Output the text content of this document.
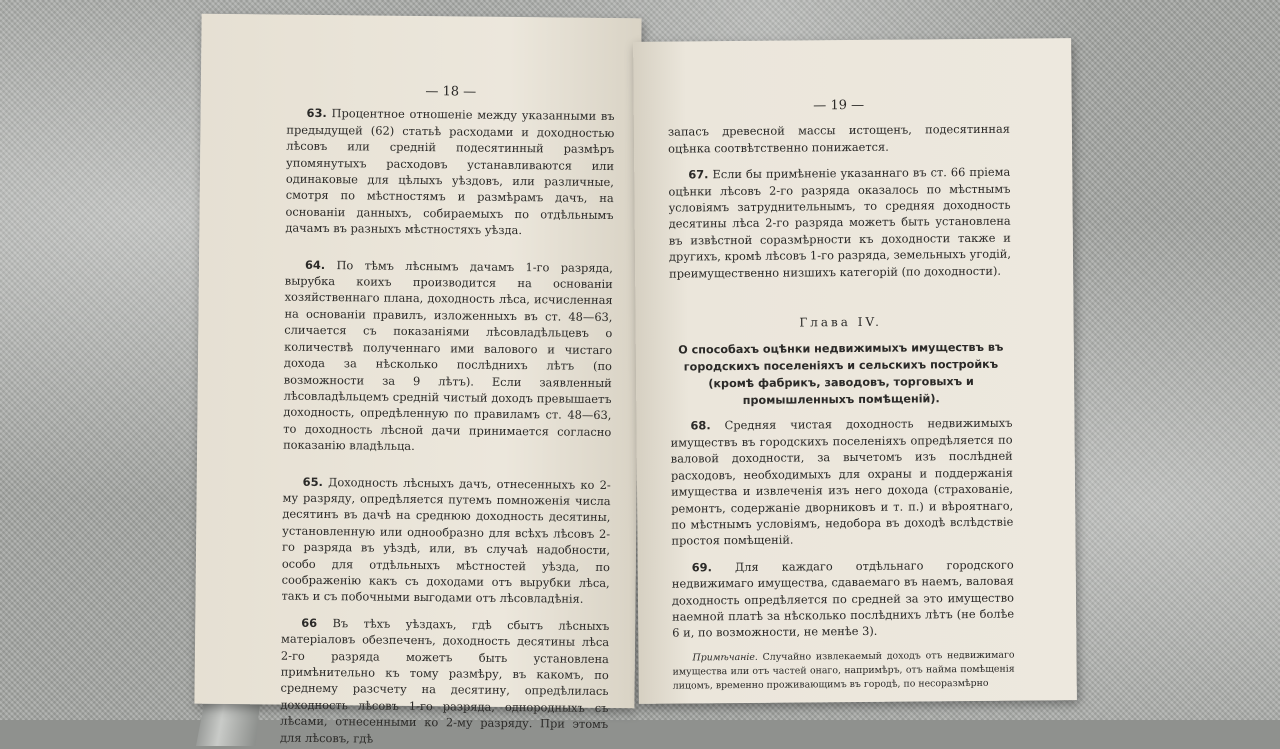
— 18 —

63. Процентное отношеніе между указанными въ предыдущей (62) статьѣ расходами и доходностью лѣсовъ или средній подесятинный размѣръ упомянутыхъ расходовъ устанавливаются или одинаковые для цѣлыхъ уѣздовъ, или различные, смотря по мѣстностямъ и размѣрамъ дачъ, на основаніи данныхъ, собираемыхъ по отдѣльнымъ дачамъ въ разныхъ мѣстностяхъ уѣзда.

64. По тѣмъ лѣснымъ дачамъ 1-го разряда, вырубка коихъ производится на основаніи хозяйственнаго плана, доходность лѣса, исчисленная на основаніи правилъ, изложенныхъ въ ст. 48—63, сличается съ показаніями лѣсовладѣльцевъ о количествѣ полученнаго ими валового и чистаго дохода за нѣсколько послѣднихъ лѣтъ (по возможности за 9 лѣтъ). Если заявленный лѣсовладѣльцемъ средній чистый доходъ превышаетъ доходность, опредѣленную по правиламъ ст. 48—63, то доходность лѣсной дачи принимается согласно показанію владѣльца.

65. Доходность лѣсныхъ дачъ, отнесенныхъ ко 2-му разряду, опредѣляется путемъ помноженія числа десятинъ въ дачѣ на среднюю доходность десятины, установленную или однообразно для всѣхъ лѣсовъ 2-го разряда въ уѣздѣ, или, въ случаѣ надобности, особо для отдѣльныхъ мѣстностей уѣзда, по соображенію какъ съ доходами отъ вырубки лѣса, такъ и съ побочными выгодами отъ лѣсовладѣнія.

66 Въ тѣхъ уѣздахъ, гдѣ сбытъ лѣсныхъ матеріаловъ обезпеченъ, доходность десятины лѣса 2-го разряда можетъ быть установлена примѣнительно къ тому размѣру, въ какомъ, по среднему разсчету на десятину, опредѣлилась доходность лѣсовъ 1-го разряда, однородныхъ съ лѣсами, отнесенными ко 2-му разряду. При этомъ для лѣсовъ, гдѣ

— 19 —

запасъ древесной массы истощенъ, подесятинная оцѣнка соотвѣтственно понижается.

67. Если бы примѣненіе указаннаго въ ст. 66 пріема оцѣнки лѣсовъ 2-го разряда оказалось по мѣстнымъ условіямъ затруднительнымъ, то средняя доходность десятины лѣса 2-го разряда можетъ быть установлена въ извѣстной соразмѣрности къ доходности также и другихъ, кромѣ лѣсовъ 1-го разряда, земельныхъ угодій, преимущественно низшихъ категорій (по доходности).

Глава IV.
О способахъ оцѣнки недвижимыхъ имуществъ въ городскихъ поселеніяхъ и сельскихъ постройкъ (кромѣ фабрикъ, заводовъ, торговыхъ и промышленныхъ помѣщеній).

68. Средняя чистая доходность недвижимыхъ имуществъ въ городскихъ поселеніяхъ опредѣляется по валовой доходности, за вычетомъ изъ послѣдней расходовъ, необходимыхъ для охраны и поддержанія имущества и извлеченія изъ него дохода (страхованіе, ремонтъ, содержаніе дворниковъ и т. п.) и вѣроятнаго, по мѣстнымъ условіямъ, недобора въ доходѣ вслѣдствіе простоя помѣщеній.

69. Для каждаго отдѣльнаго городского недвижимаго имущества, сдаваемаго въ наемъ, валовая доходность опредѣляется по средней за это имущество наемной платѣ за нѣсколько послѣднихъ лѣтъ (не болѣе 6 и, по возможности, не менѣе 3).

Примѣчаніе. Случайно извлекаемый доходъ отъ недвижимаго имущества или отъ частей онаго, напримѣръ, отъ найма помѣщенія лицомъ, временно проживающимъ въ городѣ, по несоразмѣрно
